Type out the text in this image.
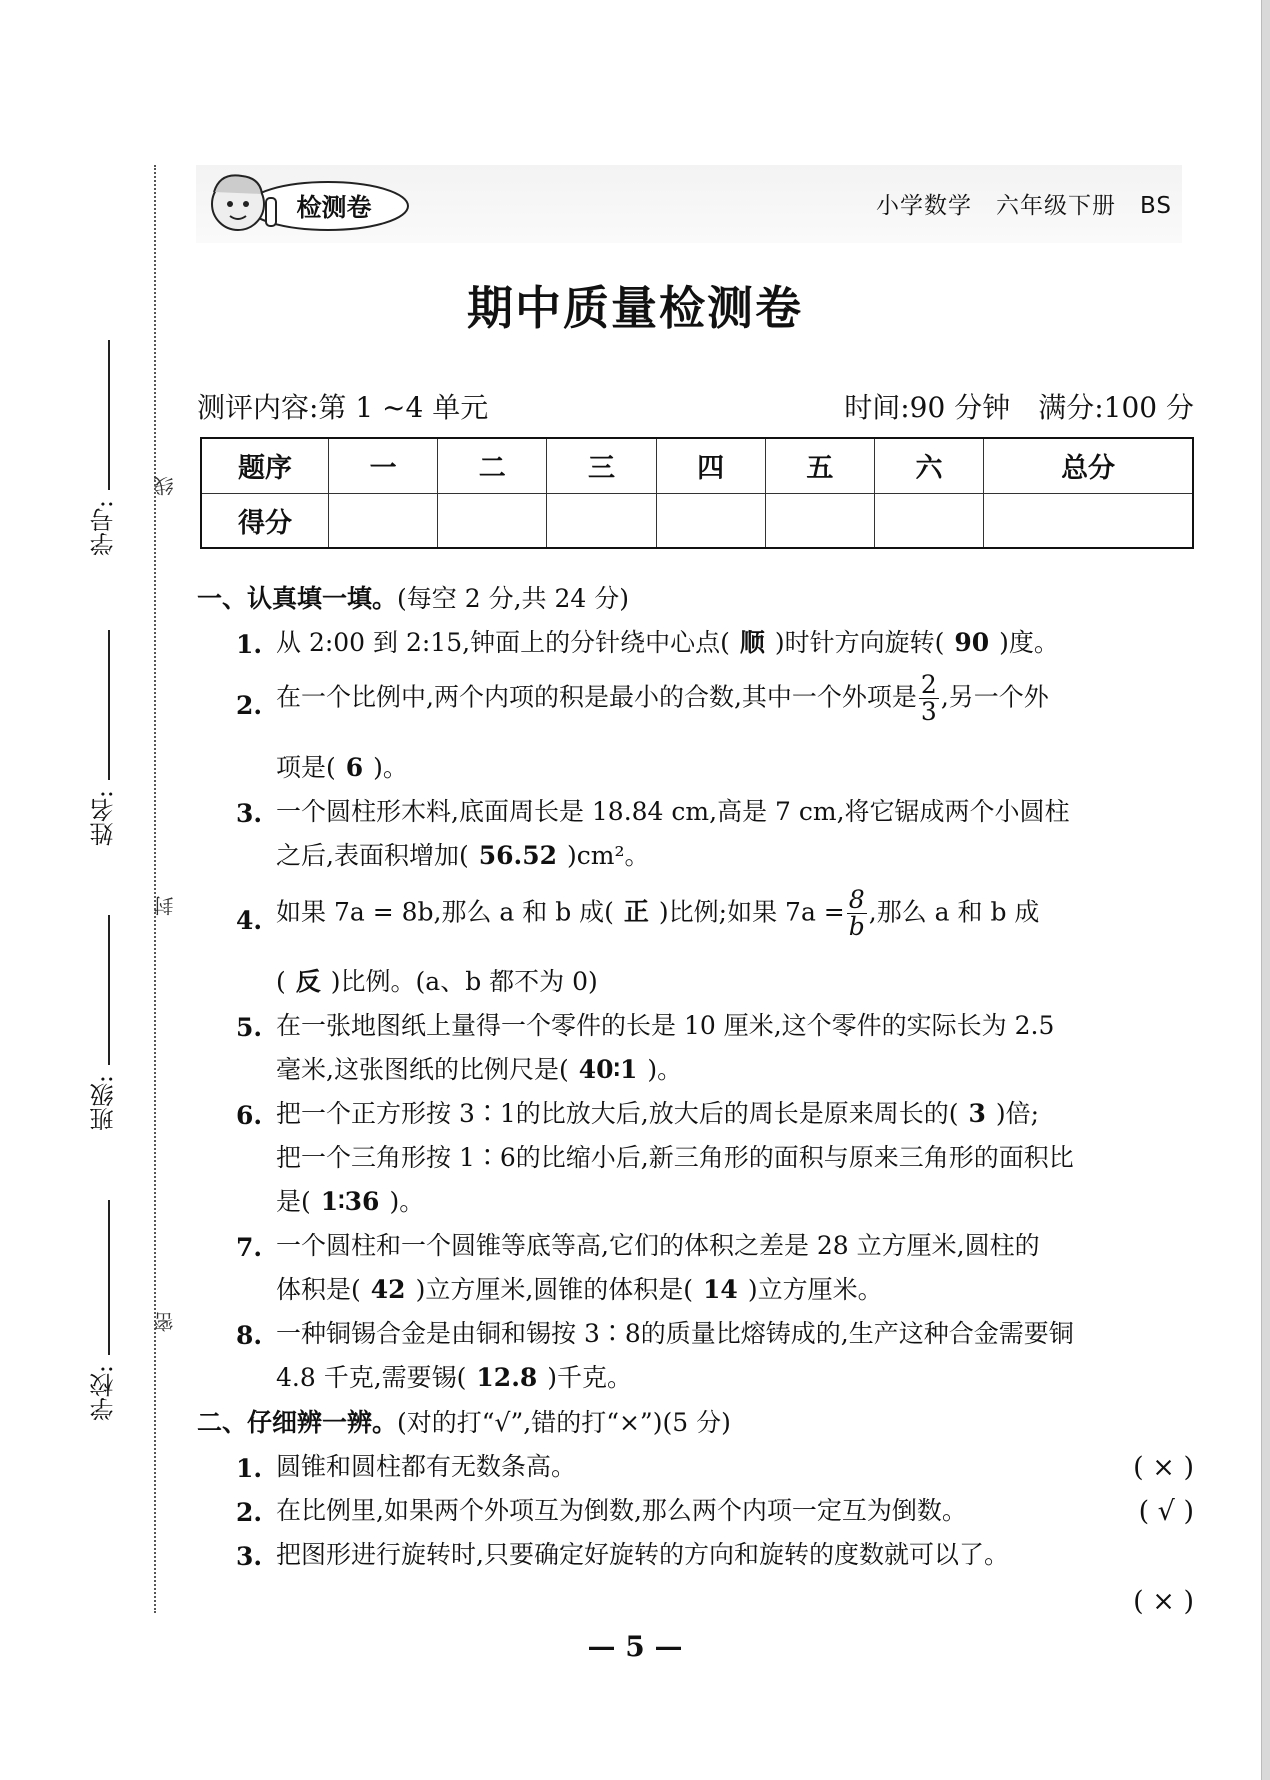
学号:
姓名:
班级:
学校:
线
封
密
检测卷	小学数学　六年级下册　BS
期中质量检测卷
测评内容:第 1 ~4 单元	时间:90 分钟　满分:100 分
题序	一	二	三	四	五	六	总分
得分							
一、认真填一填。(每空 2 分,共 24 分)
1. 从 2:00 到 2:15,钟面上的分针绕中心点( 顺 )时针方向旋转( 90 )度。
2. 在一个比例中,两个内项的积是最小的合数,其中一个外项是 $\frac{2}{3}$ ,另一个外
项是( 6 )。
3. 一个圆柱形木料,底面周长是 18.84 cm,高是 7 cm,将它锯成两个小圆柱
之后,表面积增加( 56.52 )cm²。
4. 如果 7a = 8b,那么 a 和 b 成( 正 )比例;如果 $7a = \frac{8}{b}$ ,那么 a 和 b 成
( 反 )比例。(a、b 都不为 0)
5. 在一张地图纸上量得一个零件的长是 10 厘米,这个零件的实际长为 2.5
毫米,这张图纸的比例尺是( 40∶1 )。
6. 把一个正方形按 3∶1的比放大后,放大后的周长是原来周长的( 3 )倍;
把一个三角形按 1∶6的比缩小后,新三角形的面积与原来三角形的面积比
是( 1∶36 )。
7. 一个圆柱和一个圆锥等底等高,它们的体积之差是 28 立方厘米,圆柱的
体积是( 42 )立方厘米,圆锥的体积是( 14 )立方厘米。
8. 一种铜锡合金是由铜和锡按 3∶8的质量比熔铸成的,生产这种合金需要铜
4.8 千克,需要锡( 12.8 )千克。
二、仔细辨一辨。(对的打“√”,错的打“×”)(5 分)
1. 圆锥和圆柱都有无数条高。	( × )
2. 在比例里,如果两个外项互为倒数,那么两个内项一定互为倒数。	( √ )
3. 把图形进行旋转时,只要确定好旋转的方向和旋转的度数就可以了。
( × )
— 5 —
